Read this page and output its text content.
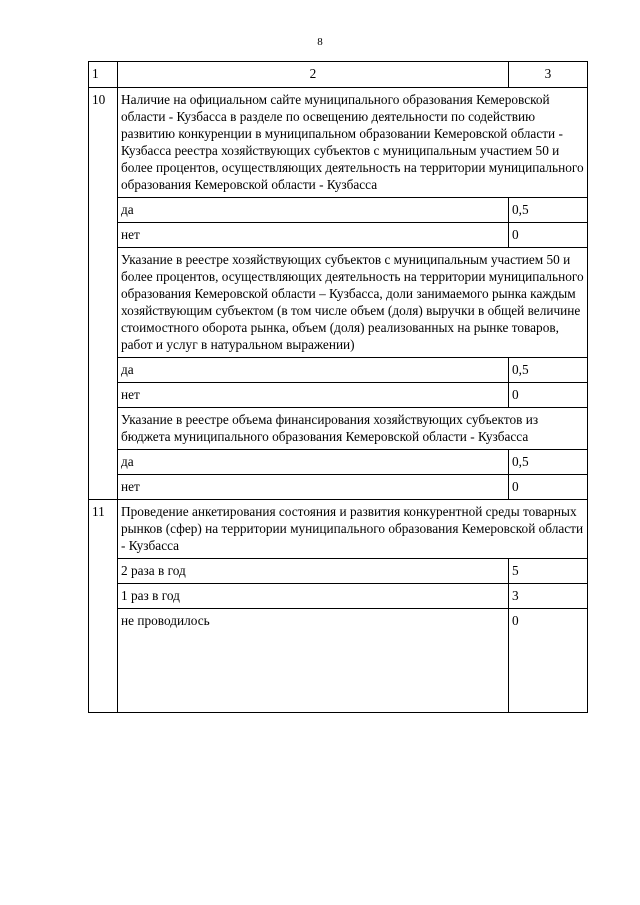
8
1	2	3
10	Наличие на официальном сайте муниципального образования Кемеровской области - Кузбасса в разделе по освещению деятельности по содействию развитию конкуренции в муниципальном образовании Кемеровской области - Кузбасса реестра хозяйствующих субъектов с муниципальным участием 50 и более процентов, осуществляющих деятельность на территории муниципального образования Кемеровской области - Кузбасса	
	да	0,5
	нет	0
	Указание в реестре хозяйствующих субъектов с муниципальным участием 50 и более процентов, осуществляющих деятельность на территории муниципального образования Кемеровской области – Кузбасса, доли занимаемого рынка каждым хозяйствующим субъектом (в том числе объем (доля) выручки в общей величине стоимостного оборота рынка, объем (доля) реализованных на рынке товаров, работ и услуг в натуральном выражении)	
	да	0,5
	нет	0
	Указание в реестре объема финансирования хозяйствующих субъектов из бюджета муниципального образования Кемеровской области - Кузбасса	
	да	0,5
	нет	0
11	Проведение анкетирования состояния и развития конкурентной среды товарных рынков (сфер) на территории муниципального образования Кемеровской области - Кузбасса	
	2 раза в год	5
	1 раз в год	3
	не проводилось	0
